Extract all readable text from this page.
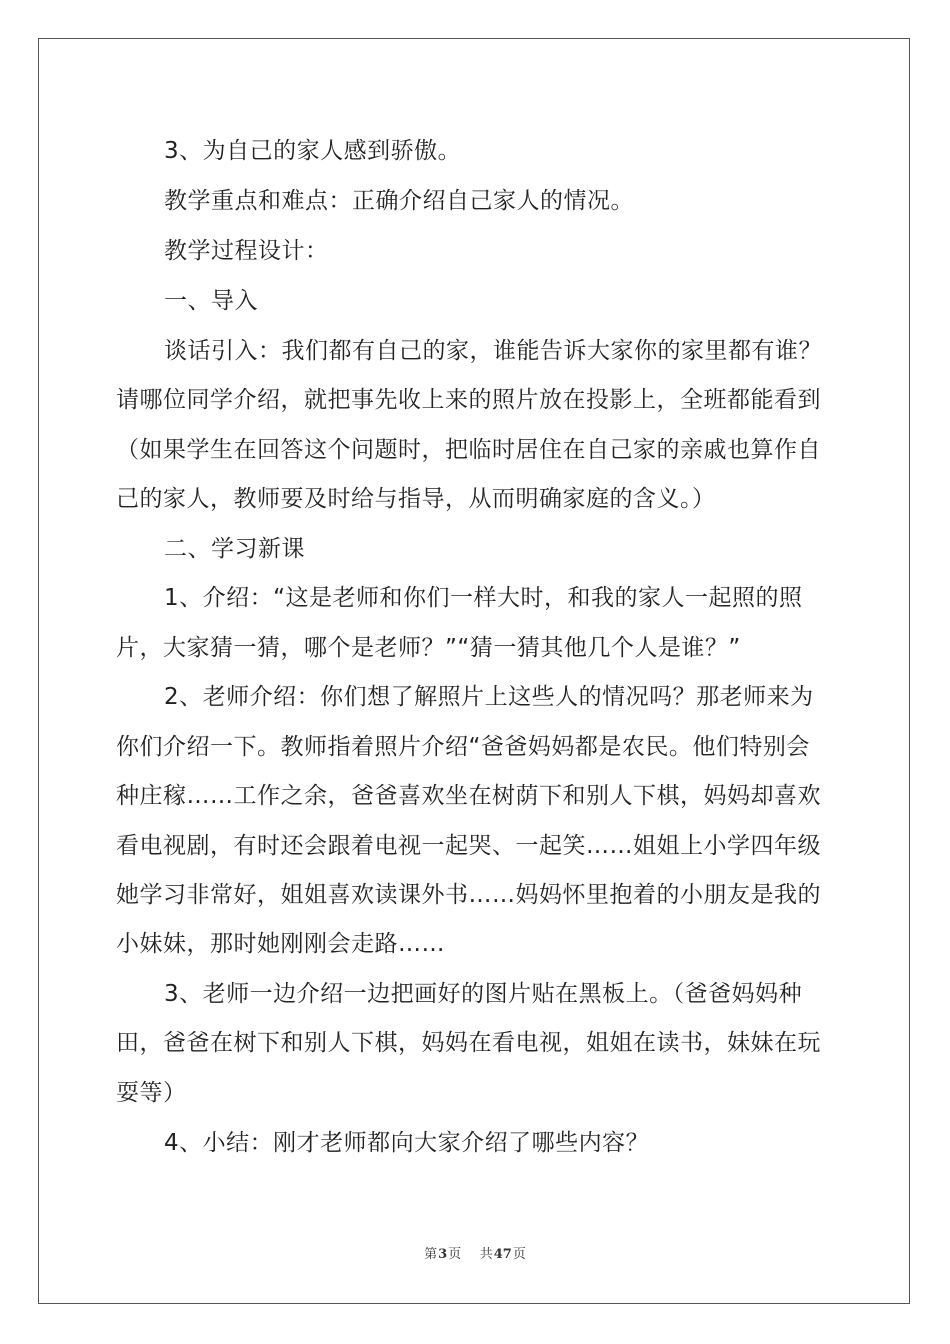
3、为自己的家人感到骄傲。
教学重点和难点：正确介绍自己家人的情况。
教学过程设计：
一、导入
谈话引入：我们都有自己的家，谁能告诉大家你的家里都有谁？
请哪位同学介绍，就把事先收上来的照片放在投影上，全班都能看到
（如果学生在回答这个问题时，把临时居住在自己家的亲戚也算作自
己的家人，教师要及时给与指导，从而明确家庭的含义。）
二、学习新课
1、介绍：“这是老师和你们一样大时，和我的家人一起照的照
片，大家猜一猜，哪个是老师？”“猜一猜其他几个人是谁？”
2、老师介绍：你们想了解照片上这些人的情况吗？那老师来为
你们介绍一下。教师指着照片介绍“爸爸妈妈都是农民。他们特别会
种庄稼……工作之余，爸爸喜欢坐在树荫下和别人下棋，妈妈却喜欢
看电视剧，有时还会跟着电视一起哭、一起笑……姐姐上小学四年级
她学习非常好，姐姐喜欢读课外书……妈妈怀里抱着的小朋友是我的
小妹妹，那时她刚刚会走路……
3、老师一边介绍一边把画好的图片贴在黑板上。（爸爸妈妈种
田，爸爸在树下和别人下棋，妈妈在看电视，姐姐在读书，妹妹在玩
耍等）
4、小结：刚才老师都向大家介绍了哪些内容？
第3页 共47页
